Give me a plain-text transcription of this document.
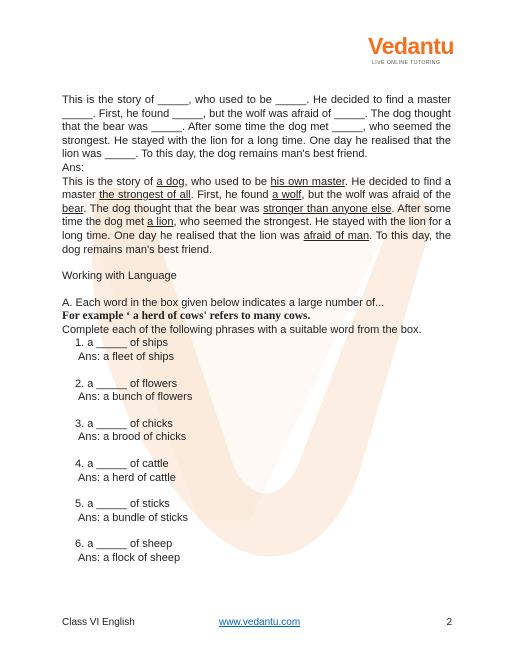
Vedantu
LIVE ONLINE TUTORING

This is the story of _____, who used to be _____. He decided to find a master _____. First, he found _____, but the wolf was afraid of _____. The dog thought that the bear was _____. After some time the dog met _____, who seemed the strongest. He stayed with the lion for a long time. One day he realised that the lion was _____. To this day, the dog remains man's best friend.

Ans:

This is the story of a dog, who used to be his own master. He decided to find a master the strongest of all. First, he found a wolf, but the wolf was afraid of the bear. The dog thought that the bear was stronger than anyone else. After some time the dog met a lion, who seemed the strongest. He stayed with the lion for a long time. One day he realised that the lion was afraid of man. To this day, the dog remains man's best friend.

Working with Language
A. Each word in the box given below indicates a large number of...
For example ‘ a herd of cows' refers to many cows.
Complete each of the following phrases with a suitable word from the box.
1. a _____ of ships
Ans: a fleet of ships
2. a _____ of flowers
Ans: a bunch of flowers
3. a _____ of chicks
Ans: a brood of chicks
4. a _____ of cattle
Ans: a herd of cattle
5. a _____ of sticks
Ans: a bundle of sticks
6. a _____ of sheep
Ans: a flock of sheep
Class VI English	www.vedantu.com	2
